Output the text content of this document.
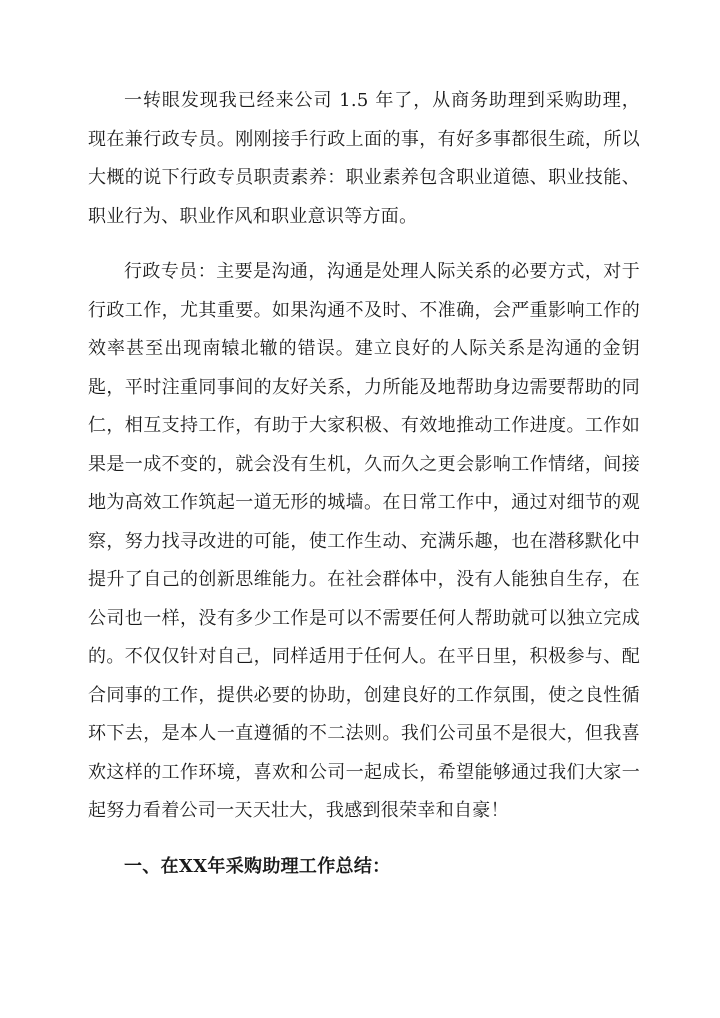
一转眼发现我已经来公司 1.5 年了，从商务助理到采购助理，现在兼行政专员。刚刚接手行政上面的事，有好多事都很生疏，所以大概的说下行政专员职责素养：职业素养包含职业道德、职业技能、职业行为、职业作风和职业意识等方面。

行政专员：主要是沟通，沟通是处理人际关系的必要方式，对于行政工作，尤其重要。如果沟通不及时、不准确，会严重影响工作的效率甚至出现南辕北辙的错误。建立良好的人际关系是沟通的金钥匙，平时注重同事间的友好关系，力所能及地帮助身边需要帮助的同仁，相互支持工作，有助于大家积极、有效地推动工作进度。工作如果是一成不变的，就会没有生机，久而久之更会影响工作情绪，间接地为高效工作筑起一道无形的城墙。在日常工作中，通过对细节的观察，努力找寻改进的可能，使工作生动、充满乐趣，也在潜移默化中提升了自己的创新思维能力。在社会群体中，没有人能独自生存，在公司也一样，没有多少工作是可以不需要任何人帮助就可以独立完成的。不仅仅针对自己，同样适用于任何人。在平日里，积极参与、配合同事的工作，提供必要的协助，创建良好的工作氛围，使之良性循环下去，是本人一直遵循的不二法则。我们公司虽不是很大，但我喜欢这样的工作环境，喜欢和公司一起成长，希望能够通过我们大家一起努力看着公司一天天壮大，我感到很荣幸和自豪！

一、在XX年采购助理工作总结：
